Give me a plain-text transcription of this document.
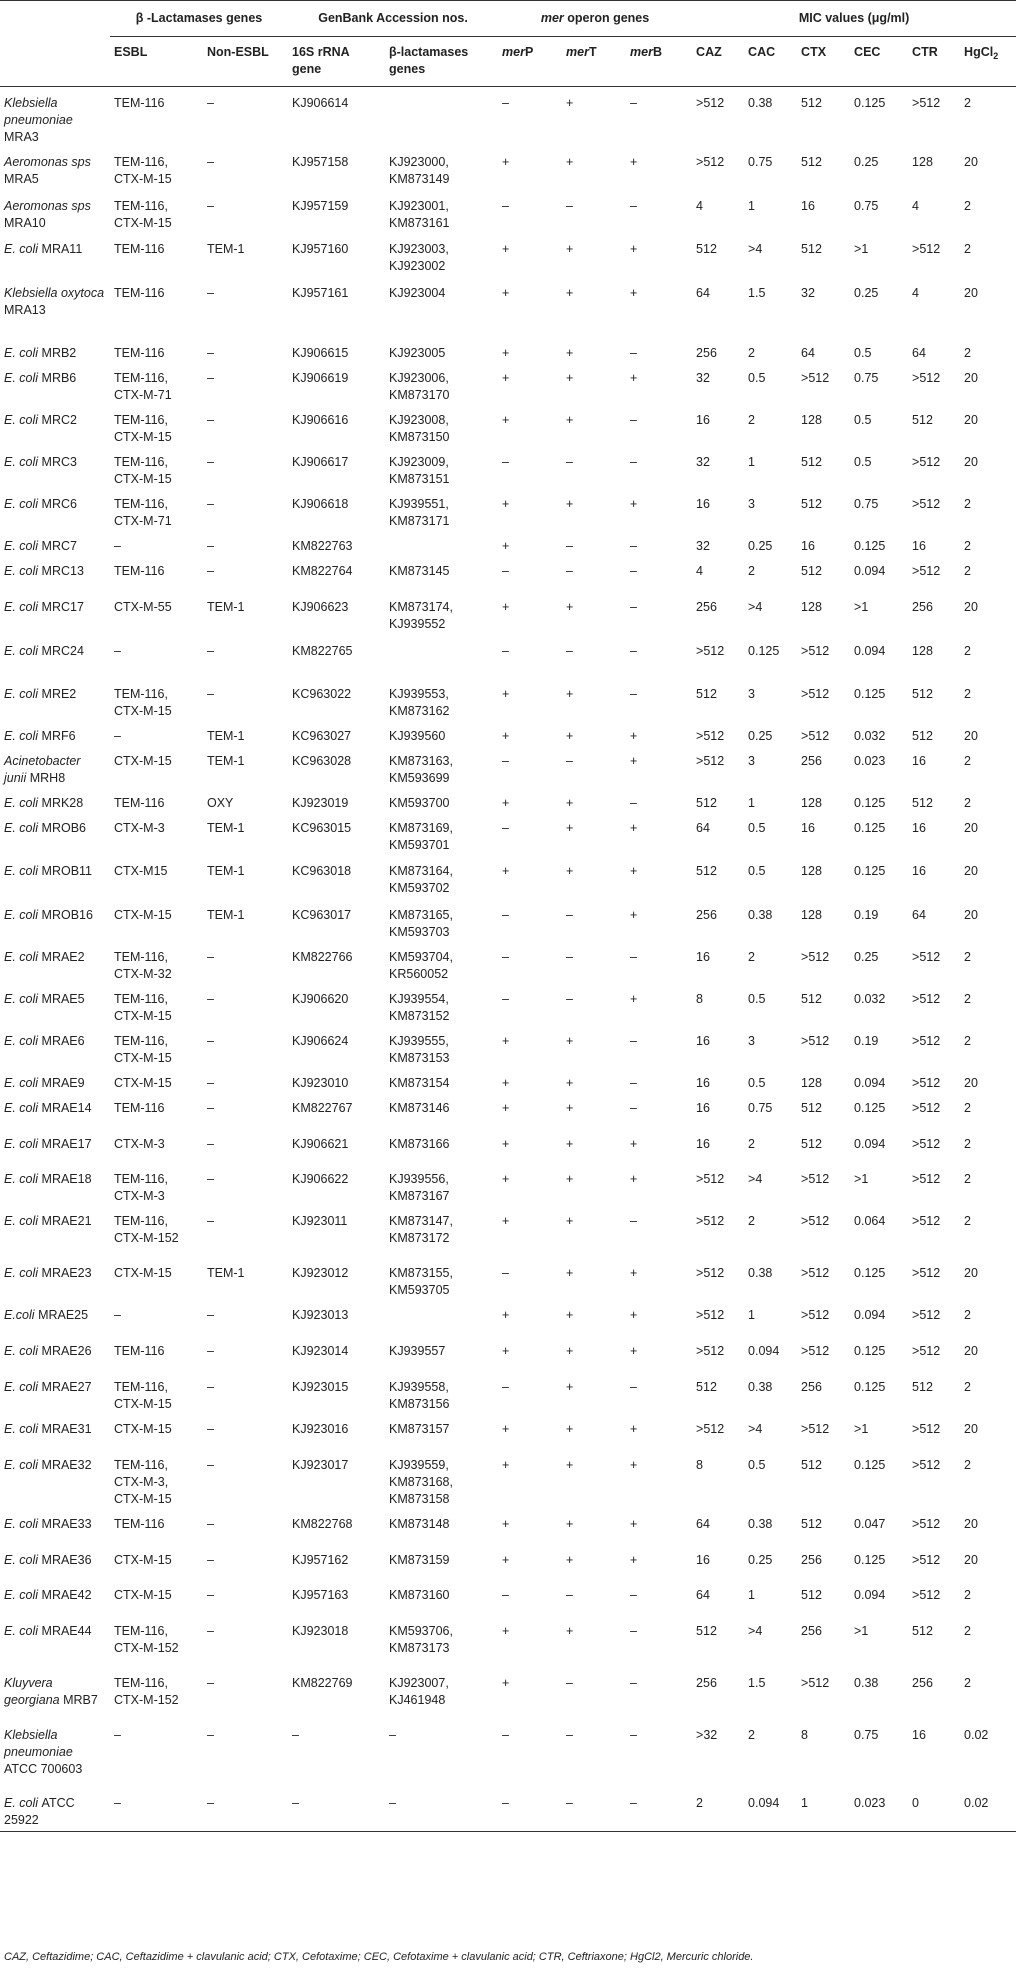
	β -Lactamases genes		GenBank Accession nos.		mer operon genes			MIC values (μg/ml)					
	ESBL	Non-ESBL	16S rRNA gene	β-lactamases genes	merP	merT	merB	CAZ	CAC	CTX	CEC	CTR	HgCl$_2$
Klebsiella pneumoniae MRA3	TEM-116	–	KJ906614		–	+	–	>512	0.38	512	0.125	>512	2
Aeromonas sps MRA5	TEM-116, CTX-M-15	–	KJ957158	KJ923000, KM873149	+	+	+	>512	0.75	512	0.25	128	20
Aeromonas sps MRA10	TEM-116, CTX-M-15	–	KJ957159	KJ923001, KM873161	–	–	–	4	1	16	0.75	4	2
E. coli MRA11	TEM-116	TEM-1	KJ957160	KJ923003, KJ923002	+	+	+	512	>4	512	>1	>512	2
Klebsiella oxytoca MRA13	TEM-116	–	KJ957161	KJ923004	+	+	+	64	1.5	32	0.25	4	20
E. coli MRB2	TEM-116	–	KJ906615	KJ923005	+	+	–	256	2	64	0.5	64	2
E. coli MRB6	TEM-116, CTX-M-71	–	KJ906619	KJ923006, KM873170	+	+	+	32	0.5	>512	0.75	>512	20
E. coli MRC2	TEM-116, CTX-M-15	–	KJ906616	KJ923008, KM873150	+	+	–	16	2	128	0.5	512	20
E. coli MRC3	TEM-116, CTX-M-15	–	KJ906617	KJ923009, KM873151	–	–	–	32	1	512	0.5	>512	20
E. coli MRC6	TEM-116, CTX-M-71	–	KJ906618	KJ939551, KM873171	+	+	+	16	3	512	0.75	>512	2
E. coli MRC7	–	–	KM822763		+	–	–	32	0.25	16	0.125	16	2
E. coli MRC13	TEM-116	–	KM822764	KM873145	–	–	–	4	2	512	0.094	>512	2
E. coli MRC17	CTX-M-55	TEM-1	KJ906623	KM873174, KJ939552	+	+	–	256	>4	128	>1	256	20
E. coli MRC24	–	–	KM822765		–	–	–	>512	0.125	>512	0.094	128	2
E. coli MRE2	TEM-116, CTX-M-15	–	KC963022	KJ939553, KM873162	+	+	–	512	3	>512	0.125	512	2
E. coli MRF6	–	TEM-1	KC963027	KJ939560	+	+	+	>512	0.25	>512	0.032	512	20
Acinetobacter junii MRH8	CTX-M-15	TEM-1	KC963028	KM873163, KM593699	–	–	+	>512	3	256	0.023	16	2
E. coli MRK28	TEM-116	OXY	KJ923019	KM593700	+	+	–	512	1	128	0.125	512	2
E. coli MROB6	CTX-M-3	TEM-1	KC963015	KM873169, KM593701	–	+	+	64	0.5	16	0.125	16	20
E. coli MROB11	CTX-M15	TEM-1	KC963018	KM873164, KM593702	+	+	+	512	0.5	128	0.125	16	20
E. coli MROB16	CTX-M-15	TEM-1	KC963017	KM873165, KM593703	–	–	+	256	0.38	128	0.19	64	20
E. coli MRAE2	TEM-116, CTX-M-32	–	KM822766	KM593704, KR560052	–	–	–	16	2	>512	0.25	>512	2
E. coli MRAE5	TEM-116, CTX-M-15	–	KJ906620	KJ939554, KM873152	–	–	+	8	0.5	512	0.032	>512	2
E. coli MRAE6	TEM-116, CTX-M-15	–	KJ906624	KJ939555, KM873153	+	+	–	16	3	>512	0.19	>512	2
E. coli MRAE9	CTX-M-15	–	KJ923010	KM873154	+	+	–	16	0.5	128	0.094	>512	20
E. coli MRAE14	TEM-116	–	KM822767	KM873146	+	+	–	16	0.75	512	0.125	>512	2
E. coli MRAE17	CTX-M-3	–	KJ906621	KM873166	+	+	+	16	2	512	0.094	>512	2
E. coli MRAE18	TEM-116, CTX-M-3	–	KJ906622	KJ939556, KM873167	+	+	+	>512	>4	>512	>1	>512	2
E. coli MRAE21	TEM-116, CTX-M-152	–	KJ923011	KM873147, KM873172	+	+	–	>512	2	>512	0.064	>512	2
E. coli MRAE23	CTX-M-15	TEM-1	KJ923012	KM873155, KM593705	–	+	+	>512	0.38	>512	0.125	>512	20
E.coli MRAE25	–	–	KJ923013		+	+	+	>512	1	>512	0.094	>512	2
E. coli MRAE26	TEM-116	–	KJ923014	KJ939557	+	+	+	>512	0.094	>512	0.125	>512	20
E. coli MRAE27	TEM-116, CTX-M-15	–	KJ923015	KJ939558, KM873156	–	+	–	512	0.38	256	0.125	512	2
E. coli MRAE31	CTX-M-15	–	KJ923016	KM873157	+	+	+	>512	>4	>512	>1	>512	20
E. coli MRAE32	TEM-116, CTX-M-3, CTX-M-15	–	KJ923017	KJ939559, KM873168, KM873158	+	+	+	8	0.5	512	0.125	>512	2
E. coli MRAE33	TEM-116	–	KM822768	KM873148	+	+	+	64	0.38	512	0.047	>512	20
E. coli MRAE36	CTX-M-15	–	KJ957162	KM873159	+	+	+	16	0.25	256	0.125	>512	20
E. coli MRAE42	CTX-M-15	–	KJ957163	KM873160	–	–	–	64	1	512	0.094	>512	2
E. coli MRAE44	TEM-116, CTX-M-152	–	KJ923018	KM593706, KM873173	+	+	–	512	>4	256	>1	512	2
Kluyvera georgiana MRB7	TEM-116, CTX-M-152	–	KM822769	KJ923007, KJ461948	+	–	–	256	1.5	>512	0.38	256	2
Klebsiella pneumoniae ATCC 700603	–	–	–	–	–	–	–	>32	2	8	0.75	16	0.02
E. coli ATCC 25922	–	–	–	–	–	–	–	2	0.094	1	0.023	0	0.02
CAZ, Ceftazidime; CAC, Ceftazidime + clavulanic acid; CTX, Cefotaxime; CEC, Cefotaxime + clavulanic acid; CTR, Ceftriaxone; HgCl2, Mercuric chloride.
